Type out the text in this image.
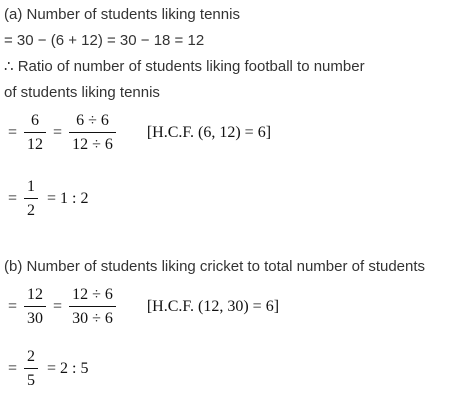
(a) Number of students liking tennis
= 30 − (6 + 12) = 30 − 18 = 12
∴ Ratio of number of students liking football to number
of students liking tennis
= $\frac{6}{12} = \frac{6 \div 6}{12 \div 6} [H.C.F$. (6, 12) = 6]
= $\frac{1}{2} = 1$ : 2
(b) Number of students liking cricket to total number of students
= $\frac{12}{30} = \frac{12 \div 6}{30 \div 6} [H.C.F$. (12, 30) = 6]
= $\frac{2}{5} = 2$ : 5
